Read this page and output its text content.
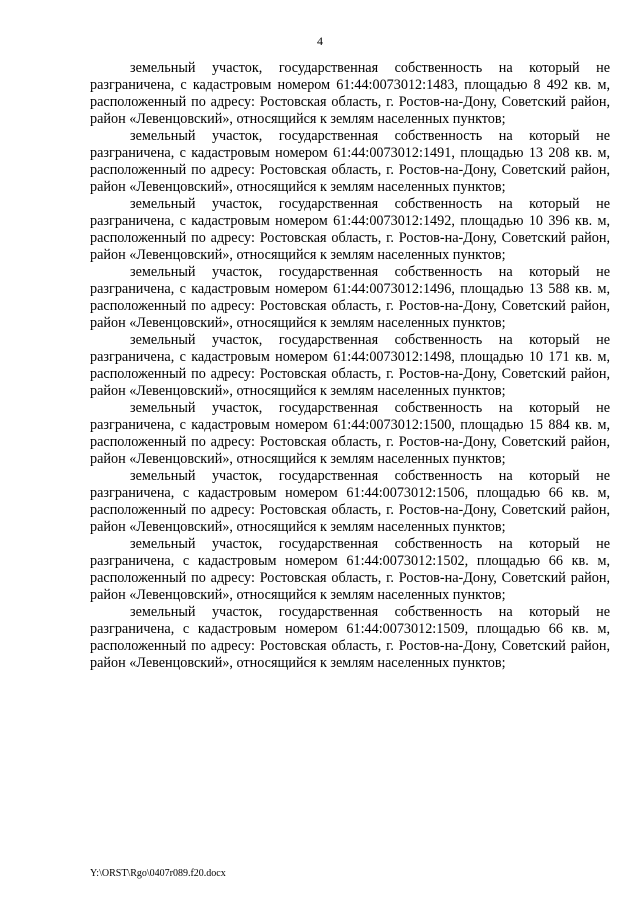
4

земельный участок, государственная собственность на который не разграничена, с кадастровым номером 61:44:0073012:1483, площадью 8 492 кв. м, расположенный по адресу: Ростовская область, г. Ростов-на-Дону, Советский район, район «Левенцовский», относящийся к землям населенных пунктов;

земельный участок, государственная собственность на который не разграничена, с кадастровым номером 61:44:0073012:1491, площадью 13 208 кв. м, расположенный по адресу: Ростовская область, г. Ростов-на-Дону, Советский район, район «Левенцовский», относящийся к землям населенных пунктов;

земельный участок, государственная собственность на который не разграничена, с кадастровым номером 61:44:0073012:1492, площадью 10 396 кв. м, расположенный по адресу: Ростовская область, г. Ростов-на-Дону, Советский район, район «Левенцовский», относящийся к землям населенных пунктов;

земельный участок, государственная собственность на который не разграничена, с кадастровым номером 61:44:0073012:1496, площадью 13 588 кв. м, расположенный по адресу: Ростовская область, г. Ростов-на-Дону, Советский район, район «Левенцовский», относящийся к землям населенных пунктов;

земельный участок, государственная собственность на который не разграничена, с кадастровым номером 61:44:0073012:1498, площадью 10 171 кв. м, расположенный по адресу: Ростовская область, г. Ростов-на-Дону, Советский район, район «Левенцовский», относящийся к землям населенных пунктов;

земельный участок, государственная собственность на который не разграничена, с кадастровым номером 61:44:0073012:1500, площадью 15 884 кв. м, расположенный по адресу: Ростовская область, г. Ростов-на-Дону, Советский район, район «Левенцовский», относящийся к землям населенных пунктов;

земельный участок, государственная собственность на который не разграничена, с кадастровым номером 61:44:0073012:1506, площадью 66 кв. м, расположенный по адресу: Ростовская область, г. Ростов-на-Дону, Советский район, район «Левенцовский», относящийся к землям населенных пунктов;

земельный участок, государственная собственность на который не разграничена, с кадастровым номером 61:44:0073012:1502, площадью 66 кв. м, расположенный по адресу: Ростовская область, г. Ростов-на-Дону, Советский район, район «Левенцовский», относящийся к землям населенных пунктов;

земельный участок, государственная собственность на который не разграничена, с кадастровым номером 61:44:0073012:1509, площадью 66 кв. м, расположенный по адресу: Ростовская область, г. Ростов-на-Дону, Советский район, район «Левенцовский», относящийся к землям населенных пунктов;

Y:\ORST\Rgo\0407r089.f20.docx
